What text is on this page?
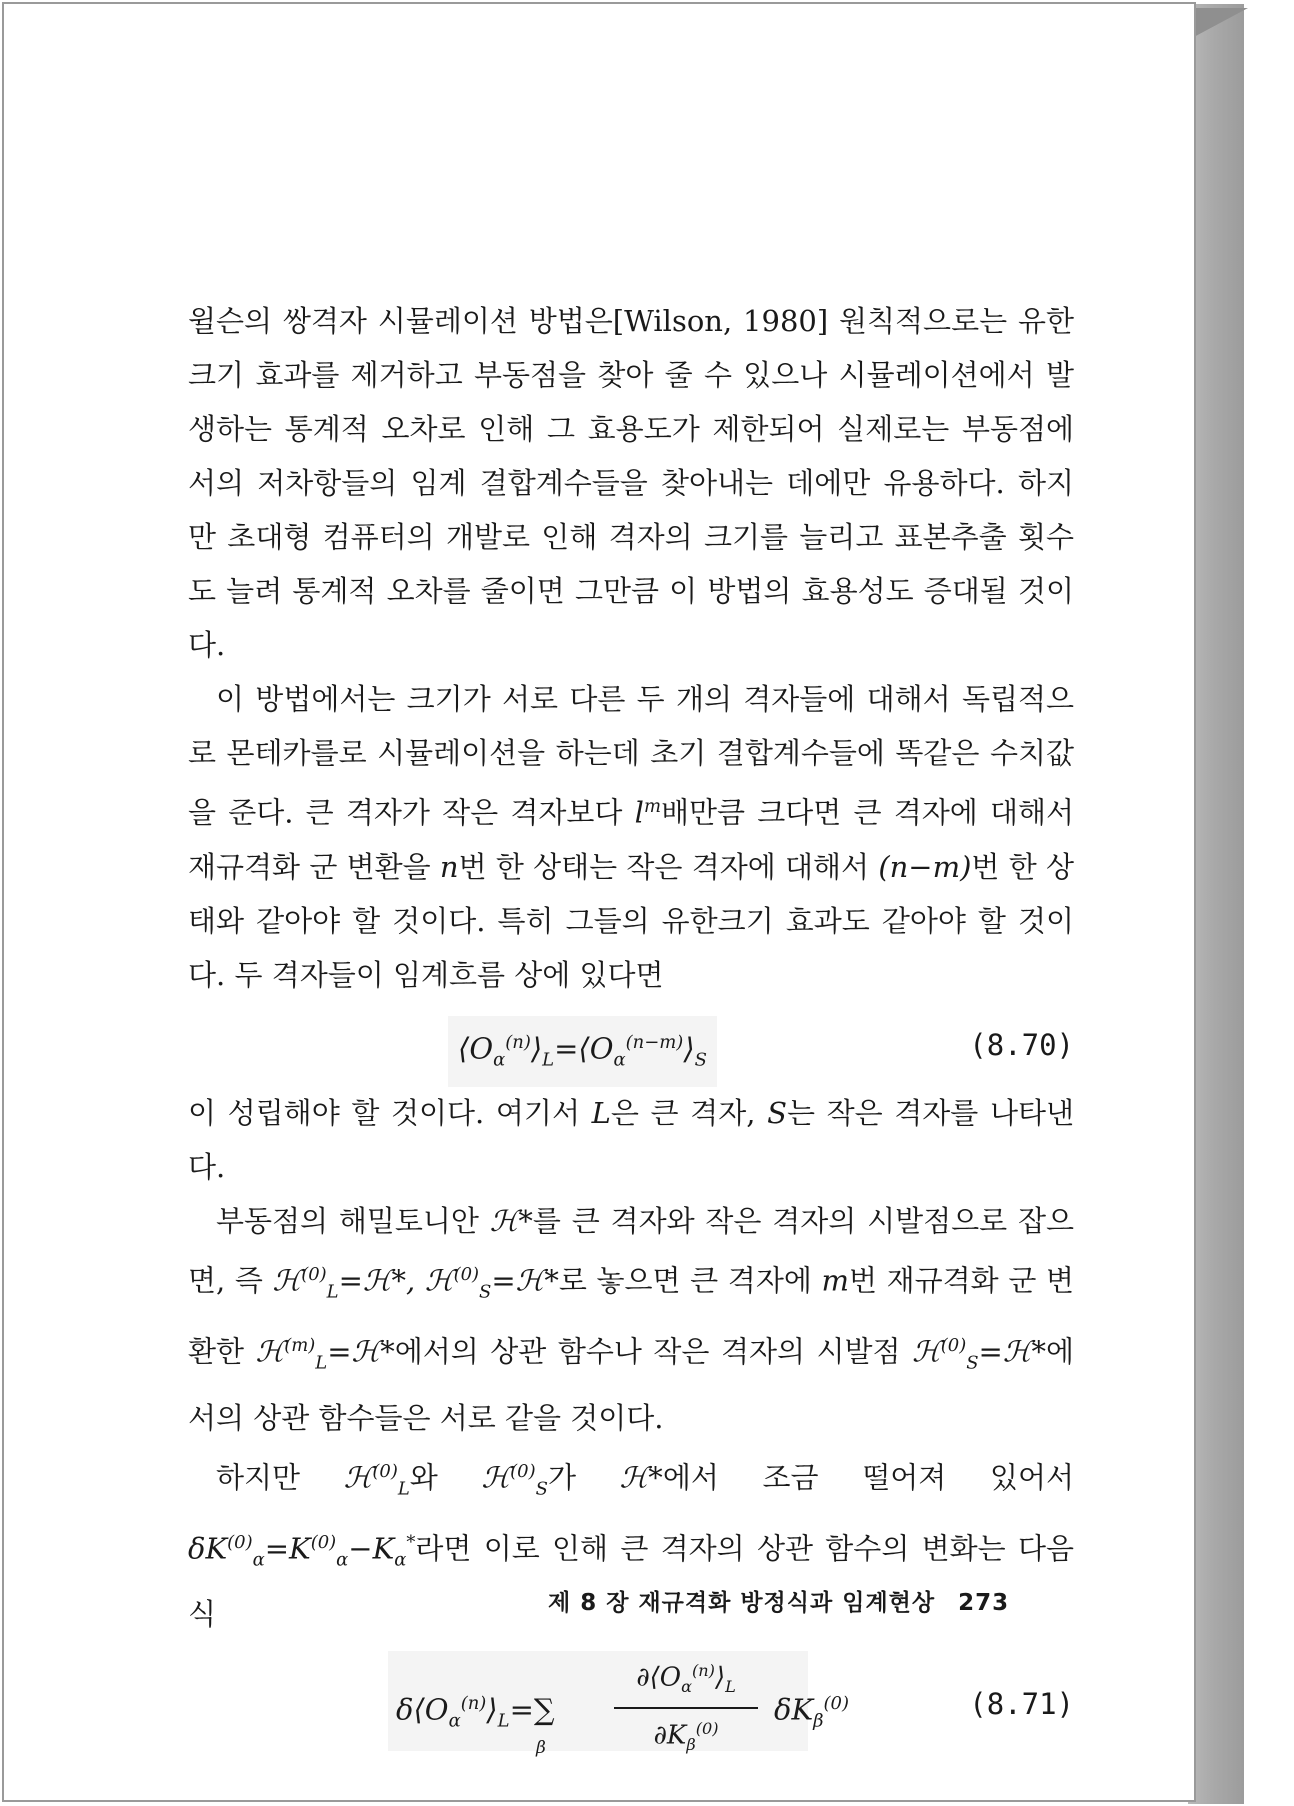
윌슨의 쌍격자 시뮬레이션 방법은[Wilson, 1980] 원칙적으로는 유한크기 효과를 제거하고 부동점을 찾아 줄 수 있으나 시뮬레이션에서 발생하는 통계적 오차로 인해 그 효용도가 제한되어 실제로는 부동점에서의 저차항들의 임계 결합계수들을 찾아내는 데에만 유용하다. 하지만 초대형 컴퓨터의 개발로 인해 격자의 크기를 늘리고 표본추출 횟수도 늘려 통계적 오차를 줄이면 그만큼 이 방법의 효용성도 증대될 것이다.

이 방법에서는 크기가 서로 다른 두 개의 격자들에 대해서 독립적으로 몬테카를로 시뮬레이션을 하는데 초기 결합계수들에 똑같은 수치값을 준다. 큰 격자가 작은 격자보다 $l^m$배만큼 크다면 큰 격자에 대해서 재규격화 군 변환을 n번 한 상태는 작은 격자에 대해서 (n−m)번 한 상태와 같아야 할 것이다. 특히 그들의 유한크기 효과도 같아야 할 것이다. 두 격자들이 임계흐름 상에 있다면

$⟨O_\alpha^{(n)}⟩_L=⟨O_\alpha^{(n-m)}⟩_S$	(8.70)

이 성립해야 할 것이다. 여기서 L은 큰 격자, S는 작은 격자를 나타낸다.

부동점의 해밀토니안 ℋ*를 큰 격자와 작은 격자의 시발점으로 잡으면, 즉 ℋ$^{(0)}_L$=ℋ*, ℋ$^{(0)}_S$=ℋ*로 놓으면 큰 격자에 m번 재규격화 군 변환한 ℋ$^{(m)}_L$=ℋ*에서의 상관 함수나 작은 격자의 시발점 ℋ$^{(0)}_S$=ℋ*에서의 상관 함수들은 서로 같을 것이다.

하지만 ℋ$^{(0)}_L$와 ℋ$^{(0)}_S$가 ℋ*에서 조금 떨어져 있어서 $\delta K^{(0)}_\alpha=K^{(0)}_\alpha-K_\alpha^*$라면 이로 인해 큰 격자의 상관 함수의 변화는 다음식

$\delta⟨O_\alpha^{(n)}⟩_L=\sum$
β
$\partial⟨O_\alpha^{(n)}⟩_L$
$\partial K_\beta^{(0)}$
$\delta K_\beta^{(0)}$	(8.71)
제 8 장 재규격화 방정식과 임계현상 273
